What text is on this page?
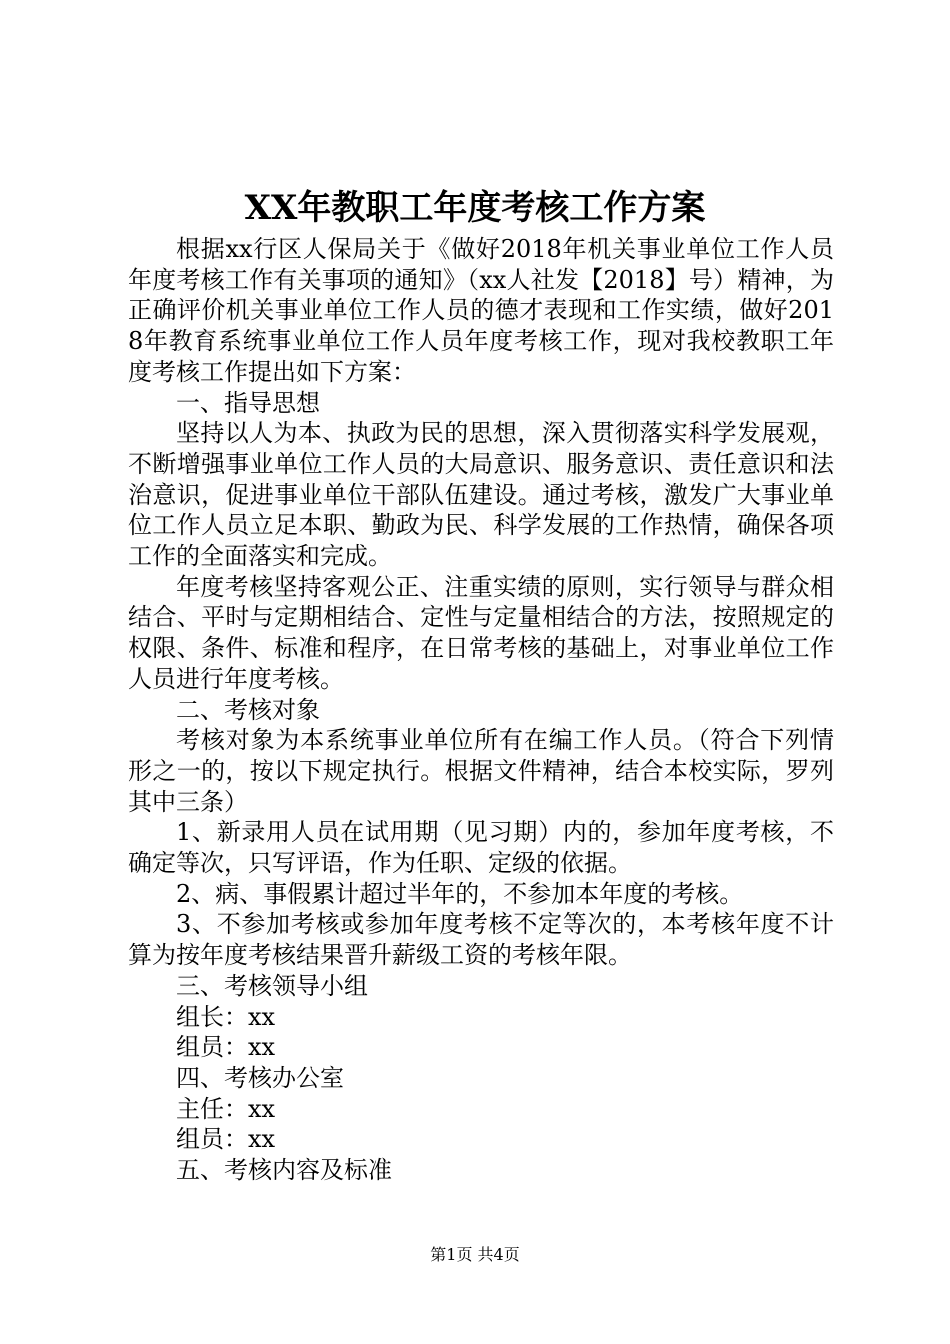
XX年教职工年度考核工作方案

根据xx行区人保局关于《做好2018年机关事业单位工作人员年度考核工作有关事项的通知》（xx人社发【2018】号）精神，为正确评价机关事业单位工作人员的德才表现和工作实绩，做好2018年教育系统事业单位工作人员年度考核工作，现对我校教职工年度考核工作提出如下方案：

一、指导思想

坚持以人为本、执政为民的思想，深入贯彻落实科学发展观，不断增强事业单位工作人员的大局意识、服务意识、责任意识和法治意识，促进事业单位干部队伍建设。通过考核，激发广大事业单位工作人员立足本职、勤政为民、科学发展的工作热情，确保各项工作的全面落实和完成。

年度考核坚持客观公正、注重实绩的原则，实行领导与群众相结合、平时与定期相结合、定性与定量相结合的方法，按照规定的权限、条件、标准和程序，在日常考核的基础上，对事业单位工作人员进行年度考核。

二、考核对象

考核对象为本系统事业单位所有在编工作人员。（符合下列情形之一的，按以下规定执行。根据文件精神，结合本校实际，罗列其中三条）

1、新录用人员在试用期（见习期）内的，参加年度考核，不确定等次，只写评语，作为任职、定级的依据。

2、病、事假累计超过半年的，不参加本年度的考核。

3、不参加考核或参加年度考核不定等次的，本考核年度不计算为按年度考核结果晋升薪级工资的考核年限。

三、考核领导小组

组长：xx

组员：xx

四、考核办公室

主任：xx

组员：xx

五、考核内容及标准

第1页 共4页
